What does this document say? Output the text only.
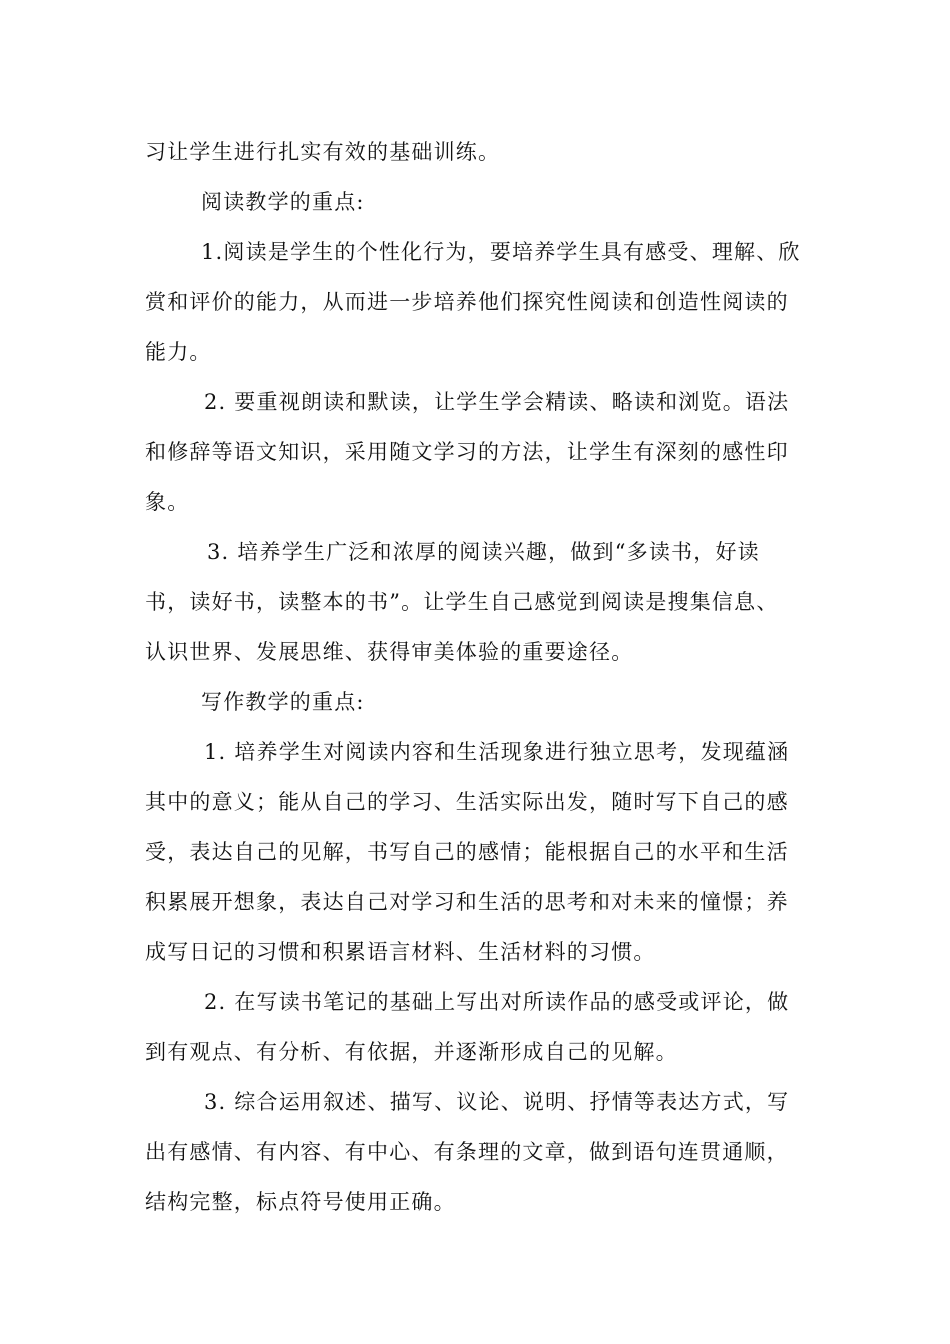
习让学生进行扎实有效的基础训练。
阅读教学的重点:
1.阅读是学生的个性化行为，要培养学生具有感受、理解、欣
赏和评价的能力，从而进一步培养他们探究性阅读和创造性阅读的
能力。
2. 要重视朗读和默读，让学生学会精读、略读和浏览。语法
和修辞等语文知识，采用随文学习的方法，让学生有深刻的感性印
象。
3. 培养学生广泛和浓厚的阅读兴趣，做到“多读书，好读
书，读好书，读整本的书”。让学生自己感觉到阅读是搜集信息、
认识世界、发展思维、获得审美体验的重要途径。
写作教学的重点:
1. 培养学生对阅读内容和生活现象进行独立思考，发现蕴涵
其中的意义；能从自己的学习、生活实际出发，随时写下自己的感
受，表达自己的见解，书写自己的感情；能根据自己的水平和生活
积累展开想象，表达自己对学习和生活的思考和对未来的憧憬；养
成写日记的习惯和积累语言材料、生活材料的习惯。
2. 在写读书笔记的基础上写出对所读作品的感受或评论，做
到有观点、有分析、有依据，并逐渐形成自己的见解。
3. 综合运用叙述、描写、议论、说明、抒情等表达方式，写
出有感情、有内容、有中心、有条理的文章，做到语句连贯通顺，
结构完整，标点符号使用正确。
